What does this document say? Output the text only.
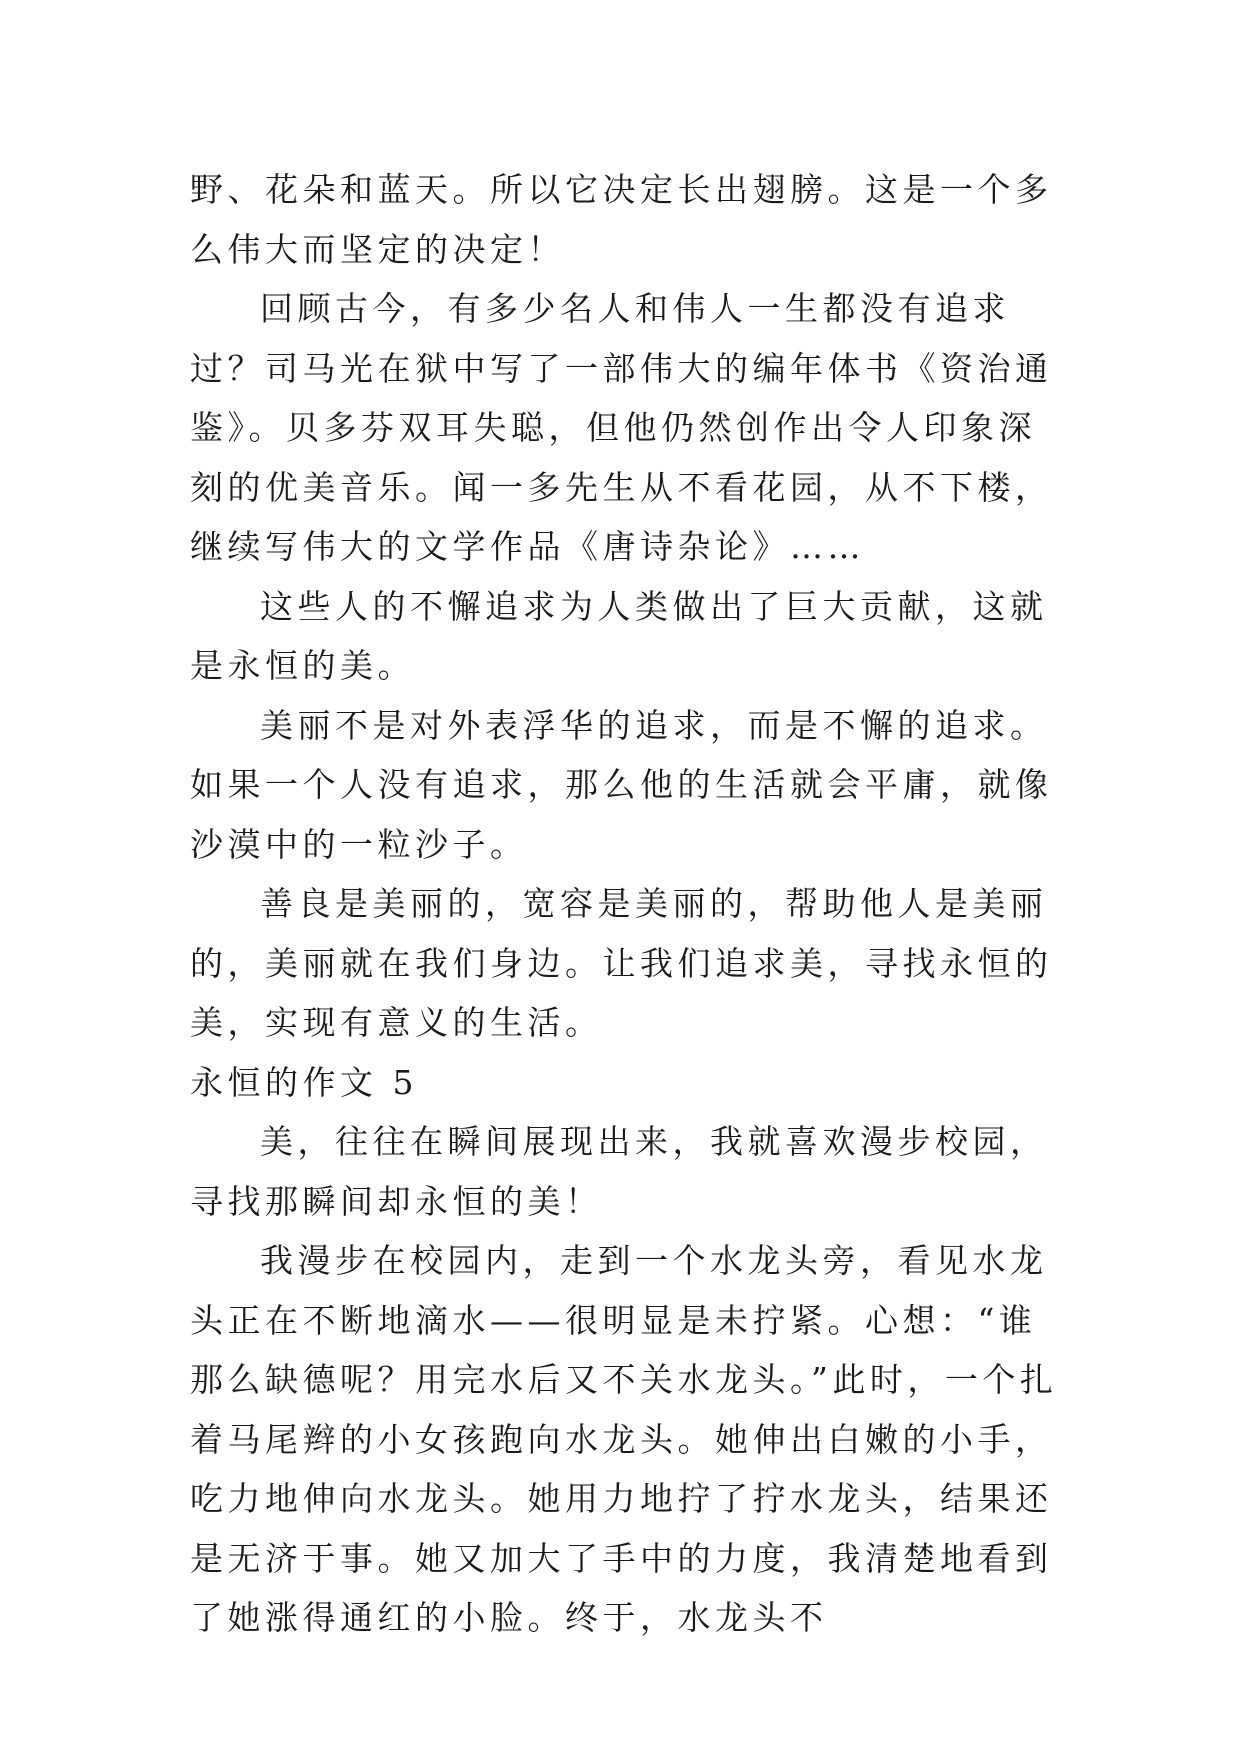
野、花朵和蓝天。所以它决定长出翅膀。这是一个多么伟大而坚定的决定！

回顾古今，有多少名人和伟人一生都没有追求过？司马光在狱中写了一部伟大的编年体书《资治通鉴》。贝多芬双耳失聪，但他仍然创作出令人印象深刻的优美音乐。闻一多先生从不看花园，从不下楼，继续写伟大的文学作品《唐诗杂论》……

这些人的不懈追求为人类做出了巨大贡献，这就是永恒的美。

美丽不是对外表浮华的追求，而是不懈的追求。如果一个人没有追求，那么他的生活就会平庸，就像沙漠中的一粒沙子。

善良是美丽的，宽容是美丽的，帮助他人是美丽的，美丽就在我们身边。让我们追求美，寻找永恒的美，实现有意义的生活。

永恒的作文 5

美，往往在瞬间展现出来，我就喜欢漫步校园，寻找那瞬间却永恒的美！

我漫步在校园内，走到一个水龙头旁，看见水龙头正在不断地滴水——很明显是未拧紧。心想：“谁那么缺德呢？用完水后又不关水龙头。”此时，一个扎着马尾辫的小女孩跑向水龙头。她伸出白嫩的小手，吃力地伸向水龙头。她用力地拧了拧水龙头，结果还是无济于事。她又加大了手中的力度，我清楚地看到了她涨得通红的小脸。终于，水龙头不
